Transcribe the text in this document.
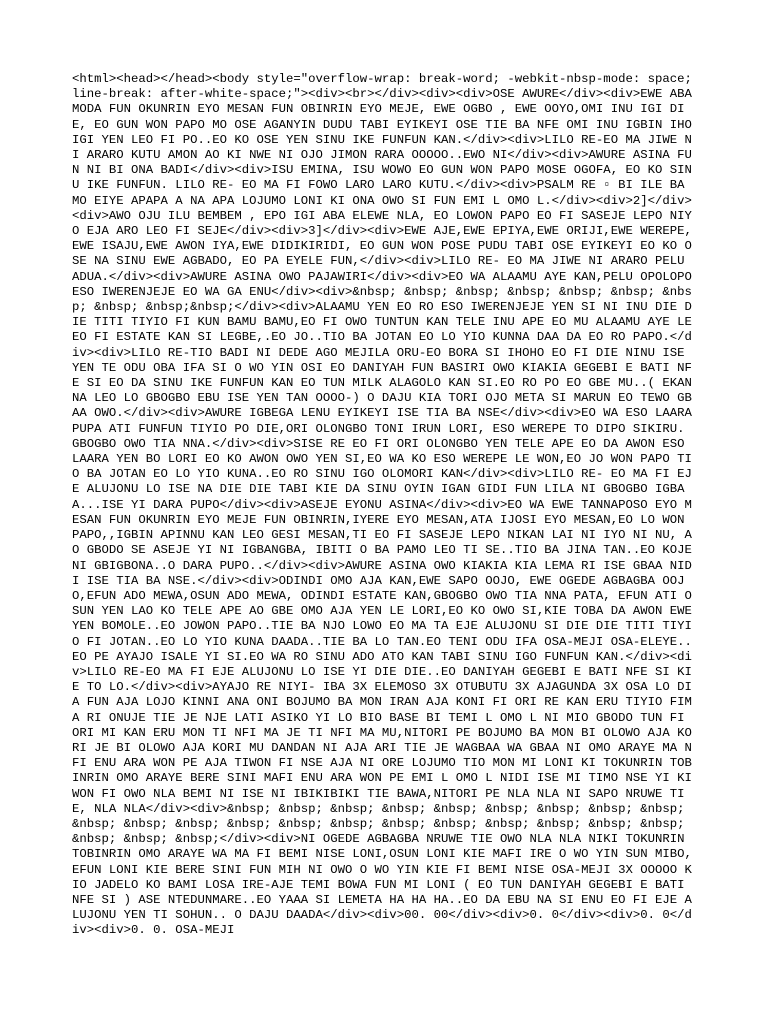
<html><head></head><body style="overflow-wrap: break-word; -webkit-nbsp-mode: space; line-break: after-white-space;"><div><br></div><div><div>OSE AWURE</div><div>EWE ABAMODA FUN OKUNRIN EYO MESAN FUN OBINRIN EYO MEJE, EWE OGBO , EWE OOYO,OMI INU IGI DIE, EO GUN WON PAPO MO OSE AGANYIN DUDU TABI EYIKEYI OSE TIE BA NFE OMI INU IGBIN IHO IGI YEN LEO FI PO..EO KO OSE YEN SINU IKE FUNFUN KAN.</div><div>LILO RE-EO MA JIWE NI ARARO KUTU AMON AO KI NWE NI OJO JIMON RARA OOOOO..EWO NI</div><div>AWURE ASINA FUN NI BI ONA BADI</div><div>ISU EMINA, ISU WOWO EO GUN WON PAPO MOSE OGOFA, EO KO SINU IKE FUNFUN. LILO RE- EO MA FI FOWO LARO LARO KUTU.</div><div>PSALM RE ▫ BI ILE BA MO EIYE APAPA A NA APA LOJUMO LONI KI ONA OWO SI FUN EMI L OMO L.</div><div>2]</div><div>AWO OJU ILU BEMBEM , EPO IGI ABA ELEWE NLA, EO LOWON PAPO EO FI SASEJE LEPO NIYO EJA ARO LEO FI SEJE</div><div>3]</div><div>EWE AJE,EWE EPIYA,EWE ORIJI,EWE WEREPE,EWE ISAJU,EWE AWON IYA,EWE DIDIKIRIDI, EO GUN WON POSE PUDU TABI OSE EYIKEYI EO KO OSE NA SINU EWE AGBADO, EO PA EYELE FUN,</div><div>LILO RE- EO MA JIWE NI ARARO PELU ADUA.</div><div>AWURE ASINA OWO PAJAWIRI</div><div>EO WA ALAAMU AYE KAN,PELU OPOLOPO ESO IWERENJEJE EO WA GA ENU</div><div>&nbsp; &nbsp; &nbsp; &nbsp; &nbsp; &nbsp; &nbsp; &nbsp; &nbsp;&nbsp;</div><div>ALAAMU YEN EO RO ESO IWERENJEJE YEN SI NI INU DIE DIE TITI TIYIO FI KUN BAMU BAMU,EO FI OWO TUNTUN KAN TELE INU APE EO MU ALAAMU AYE LE EO FI ESTATE KAN SI LEGBE,.EO JO..TIO BA JOTAN EO LO YIO KUNNA DAA DA EO RO PAPO.</div><div>LILO RE-TIO BADI NI DEDE AGO MEJILA ORU-EO BORA SI IHOHO EO FI DIE NINU ISE YEN TE ODU OBA IFA SI O WO YIN OSI EO DANIYAH FUN BASIRI OWO KIAKIA GEGEBI E BATI NFE SI EO DA SINU IKE FUNFUN KAN EO TUN MILK ALAGOLO KAN SI.EO RO PO EO GBE MU..( EKANNA LEO LO GBOGBO EBU ISE YEN TAN OOOO-) O DAJU KIA TORI OJO META SI MARUN EO TEWO GBAA OWO.</div><div>AWURE IGBEGA LENU EYIKEYI ISE TIA BA NSE</div><div>EO WA ESO LAARA PUPA ATI FUNFUN TIYIO PO DIE,ORI OLONGBO TONI IRUN LORI, ESO WEREPE TO DIPO SIKIRU. GBOGBO OWO TIA NNA.</div><div>SISE RE EO FI ORI OLONGBO YEN TELE APE EO DA AWON ESO LAARA YEN BO LORI EO KO AWON OWO YEN SI,EO WA KO ESO WEREPE LE WON,EO JO WON PAPO TIO BA JOTAN EO LO YIO KUNA..EO RO SINU IGO OLOMORI KAN</div><div>LILO RE- EO MA FI EJE ALUJONU LO ISE NA DIE DIE TABI KIE DA SINU OYIN IGAN GIDI FUN LILA NI GBOGBO IGBAA...ISE YI DARA PUPO</div><div>ASEJE EYONU ASINA</div><div>EO WA EWE TANNAPOSO EYO MESAN FUN OKUNRIN EYO MEJE FUN OBINRIN,IYERE EYO MESAN,ATA IJOSI EYO MESAN,EO LO WON PAPO,,IGBIN APINNU KAN LEO GESI MESAN,TI EO FI SASEJE LEPO NIKAN LAI NI IYO NI NU, AO GBODO SE ASEJE YI NI IGBANGBA, IBITI O BA PAMO LEO TI SE..TIO BA JINA TAN..EO KOJE NI GBIGBONA..O DARA PUPO..</div><div>AWURE ASINA OWO KIAKIA KIA LEMA RI ISE GBAA NIDI ISE TIA BA NSE.</div><div>ODINDI OMO AJA KAN,EWE SAPO OOJO, EWE OGEDE AGBAGBA OOJO,EFUN ADO MEWA,OSUN ADO MEWA, ODINDI ESTATE KAN,GBOGBO OWO TIA NNA PATA, EFUN ATI OSUN YEN LAO KO TELE APE AO GBE OMO AJA YEN LE LORI,EO KO OWO SI,KIE TOBA DA AWON EWE YEN BOMOLE..EO JOWON PAPO..TIE BA NJO LOWO EO MA TA EJE ALUJONU SI DIE DIE TITI TIYIO FI JOTAN..EO LO YIO KUNA DAADA..TIE BA LO TAN.EO TENI ODU IFA OSA-MEJI OSA-ELEYE..EO PE AYAJO ISALE YI SI.EO WA RO SINU ADO ATO KAN TABI SINU IGO FUNFUN KAN.</div><div>LILO RE-EO MA FI EJE ALUJONU LO ISE YI DIE DIE..EO DANIYAH GEGEBI E BATI NFE SI KIE TO LO.</div><div>AYAJO RE NIYI- IBA 3X ELEMOSO 3X OTUBUTU 3X AJAGUNDA 3X OSA LO DIA FUN AJA LOJO KINNI ANA ONI BOJUMO BA MON IRAN AJA KONI FI ORI RE KAN ERU TIYIO FIMA RI ONUJE TIE JE NJE LATI ASIKO YI LO BIO BASE BI TEMI L OMO L NI MIO GBODO TUN FI ORI MI KAN ERU MON TI NFI MA JE TI NFI MA MU,NITORI PE BOJUMO BA MON BI OLOWO AJA KORI JE BI OLOWO AJA KORI MU DANDAN NI AJA ARI TIE JE WAGBAA WA GBAA NI OMO ARAYE MA NFI ENU ARA WON PE AJA TIWON FI NSE AJA NI ORE LOJUMO TIO MON MI LONI KI TOKUNRIN TOBINRIN OMO ARAYE BERE SINI MAFI ENU ARA WON PE EMI L OMO L NIDI ISE MI TIMO NSE YI KIWON FI OWO NLA BEMI NI ISE NI IBIKIBIKI TIE BAWA,NITORI PE NLA NLA NI SAPO NRUWE TIE, NLA NLA</div><div>&nbsp; &nbsp; &nbsp; &nbsp; &nbsp; &nbsp; &nbsp; &nbsp; &nbsp; &nbsp; &nbsp; &nbsp; &nbsp; &nbsp; &nbsp; &nbsp; &nbsp; &nbsp; &nbsp; &nbsp; &nbsp; &nbsp; &nbsp; &nbsp;</div><div>NI OGEDE AGBAGBA NRUWE TIE OWO NLA NLA NIKI TOKUNRIN TOBINRIN OMO ARAYE WA MA FI BEMI NISE LONI,OSUN LONI KIE MAFI IRE O WO YIN SUN MIBO, EFUN LONI KIE BERE SINI FUN MIH NI OWO O WO YIN KIE FI BEMI NISE OSA-MEJI 3X OOOOO KIO JADELO KO BAMI LOSA IRE-AJE TEMI BOWA FUN MI LONI ( EO TUN DANIYAH GEGEBI E BATI NFE SI ) ASE NTEDUNMARE..EO YAAA SI LEMETA HA HA HA..EO DA EBU NA SI ENU EO FI EJE ALUJONU YEN TI SOHUN.. O DAJU DAADA</div><div>00. 00</div><div>0. 0</div><div>0. 0</div><div>0. 0. OSA-MEJI
